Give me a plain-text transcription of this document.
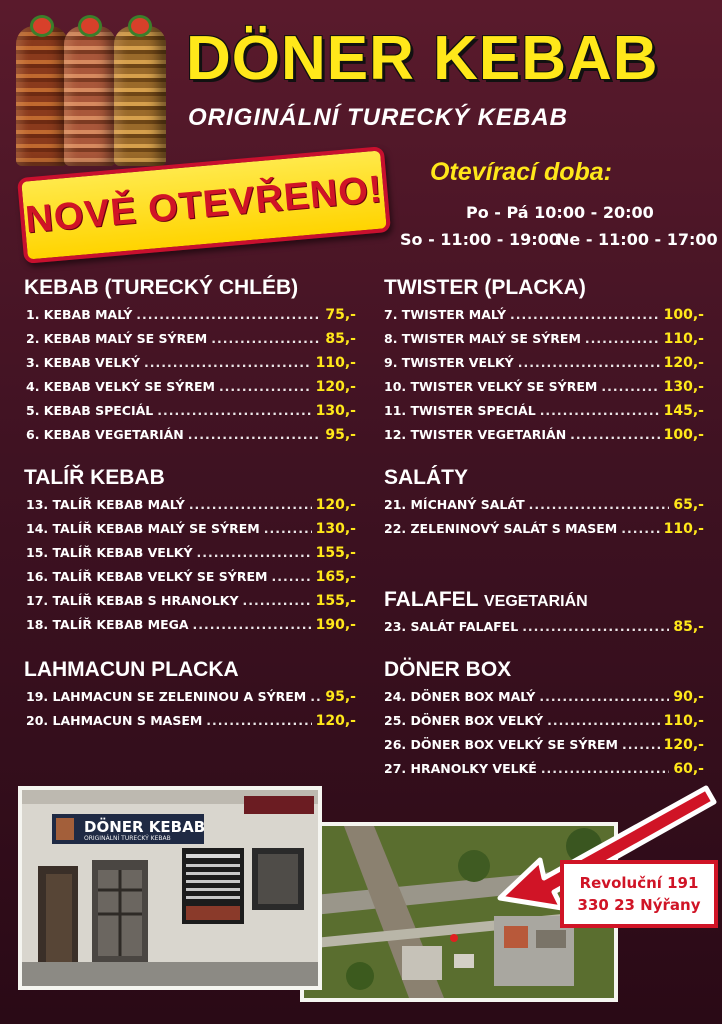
DÖNER KEBAB
ORIGINÁLNÍ TURECKÝ KEBAB
NOVĚ OTEVŘENO! Otevírací doba:
Po - Pá 10:00 - 20:00
So - 11:00 - 19:00
Ne - 11:00 - 17:00
KEBAB (TURECKÝ CHLÉB)
1. KEBAB MALÝ .....	75,-
2. KEBAB MALÝ SE SÝREM .....	85,-
3. KEBAB VELKÝ .....	110,-
4. KEBAB VELKÝ SE SÝREM .....	120,-
5. KEBAB SPECIÁL .....	130,-
6. KEBAB VEGETARIÁN .....	95,-
TALÍŘ KEBAB
13. TALÍŘ KEBAB MALÝ .....	120,-
14. TALÍŘ KEBAB MALÝ SE SÝREM .....	130,-
15. TALÍŘ KEBAB VELKÝ .....	155,-
16. TALÍŘ KEBAB VELKÝ SE SÝREM .....	165,-
17. TALÍŘ KEBAB S HRANOLKY .....	155,-
18. TALÍŘ KEBAB MEGA .....	190,-
LAHMACUN PLACKA
19. LAHMACUN SE ZELENINOU A SÝREM ..... 95,-
20. LAHMACUN S MASEM .....	120,-
TWISTER (PLACKA)
7. TWISTER MALÝ .....	100,-
8. TWISTER MALÝ SE SÝREM .....	110,-
9. TWISTER VELKÝ .....	120,-
10. TWISTER VELKÝ SE SÝREM .....	130,-
11. TWISTER SPECIÁL .....	145,-
12. TWISTER VEGETARIÁN .....	100,-
SALÁTY
21. MÍCHANÝ SALÁT .....	65,-
22. ZELENINOVÝ SALÁT S MASEM .....	110,-
FALAFEL VEGETARIÁN
23. SALÁT FALAFEL .....	85,-
DÖNER BOX
24. DÖNER BOX MALÝ .....	90,-
25. DÖNER BOX VELKÝ .....	110,-
26. DÖNER BOX VELKÝ SE SÝREM .....	120,-
27. HRANOLKY VELKÉ .....	60,-
DÖNER KEBAB
ORIGINÁLNÍ TURECKÝ KEBAB
Revoluční 191
330 23 Nýřany
